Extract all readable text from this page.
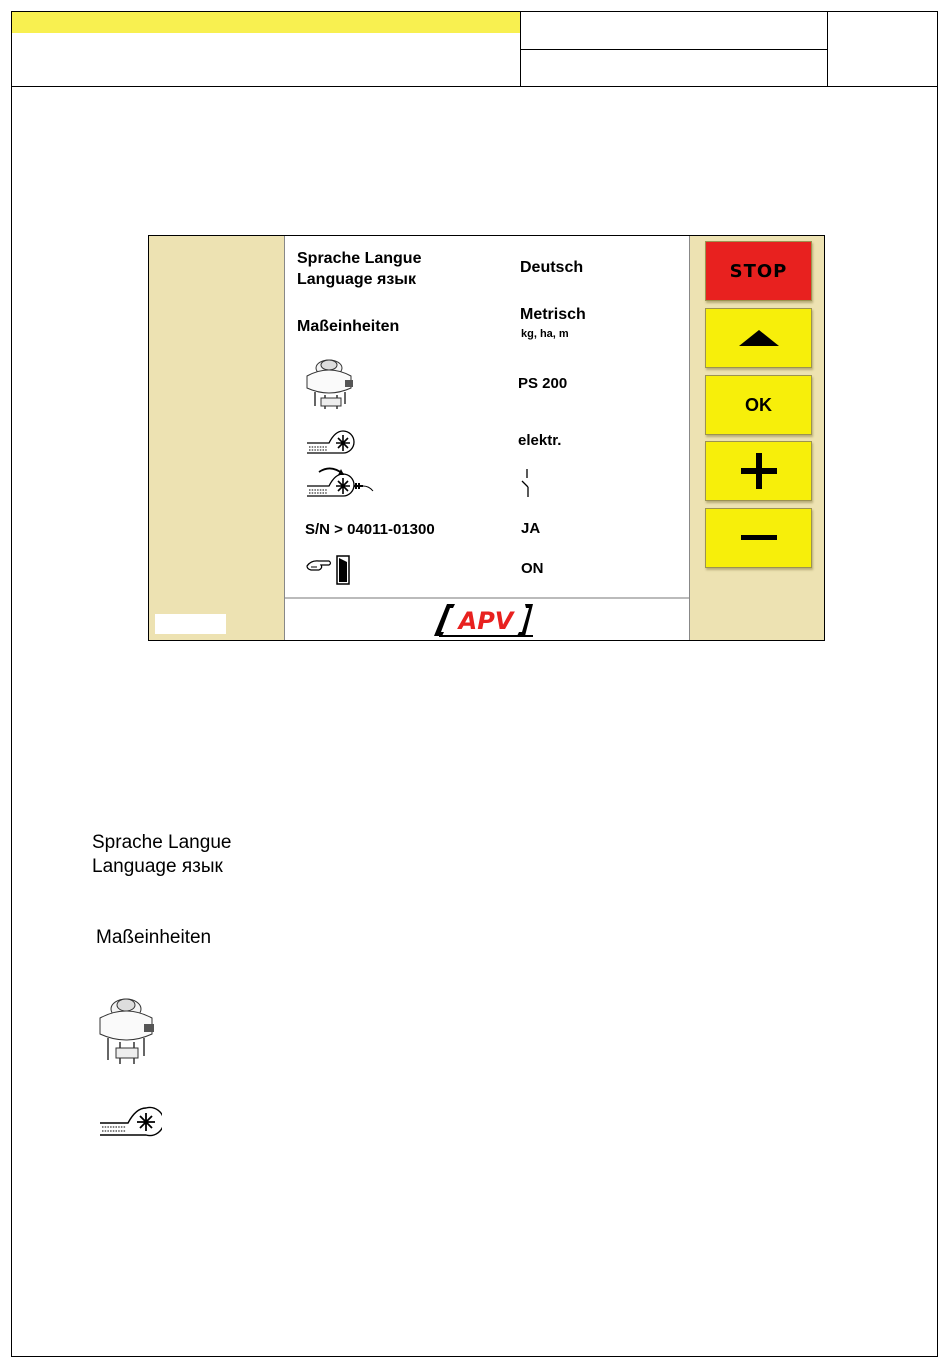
Sprache Langue
Language язык
Deutsch
Maßeinheiten
Metrisch
kg, ha, m
PS 200
elektr.
S/N > 04011-01300	JA
ON
APV
STOP
OK
Sprache Langue
Language язык
Maßeinheiten
